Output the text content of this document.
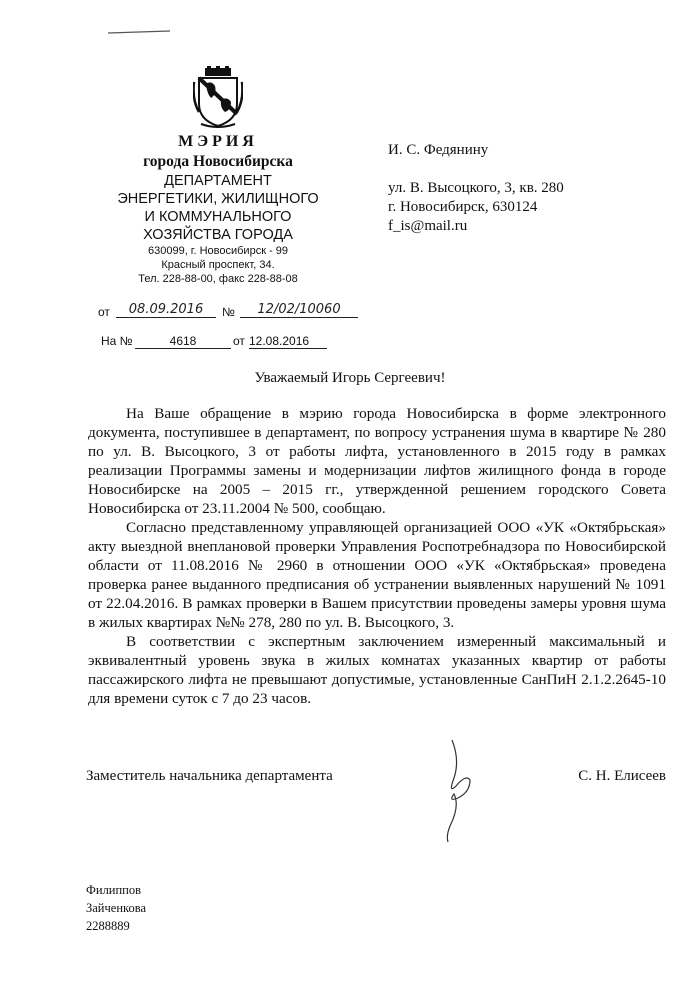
МЭРИЯ
города Новосибирска
ДЕПАРТАМЕНТ
ЭНЕРГЕТИКИ, ЖИЛИЩНОГО
И КОММУНАЛЬНОГО
ХОЗЯЙСТВА ГОРОДА
630099, г. Новосибирск - 99
Красный проспект, 34.
Тел. 228-88-00, факс 228-88-08
от	08.09.2016	№	12/02/10060
На №	4618	от 12.08.2016
И. С. Федянину
ул. В. Высоцкого, 3, кв. 280
г. Новосибирск, 630124
f_is@mail.ru
Уважаемый Игорь Сергеевич!

На Ваше обращение в мэрию города Новосибирска в форме электронного документа, поступившее в департамент, по вопросу устранения шума в квартире № 280 по ул. В. Высоцкого, 3 от работы лифта, установленного в 2015 году в рамках реализации Программы замены и модернизации лифтов жилищного фонда в городе Новосибирске на 2005 – 2015 гг., утвержденной решением городского Совета Новосибирска от 23.11.2004 № 500, сообщаю.

Согласно представленному управляющей организацией ООО «УК «Октябрьская» акту выездной внеплановой проверки Управления Роспотребнадзора по Новосибирской области от 11.08.2016 № 2960 в отношении ООО «УК «Октябрьская» проведена проверка ранее выданного предписания об устранении выявленных нарушений № 1091 от 22.04.2016. В рамках проверки в Вашем присутствии проведены замеры уровня шума в жилых квартирах №№ 278, 280 по ул. В. Высоцкого, 3.

В соответствии с экспертным заключением измеренный максимальный и эквивалентный уровень звука в жилых комнатах указанных квартир от работы пассажирского лифта не превышают допустимые, установленные СанПиН 2.1.2.2645-10 для времени суток с 7 до 23 часов.

Заместитель начальника департамента	С. Н. Елисеев
Филиппов
Зайченкова
2288889
